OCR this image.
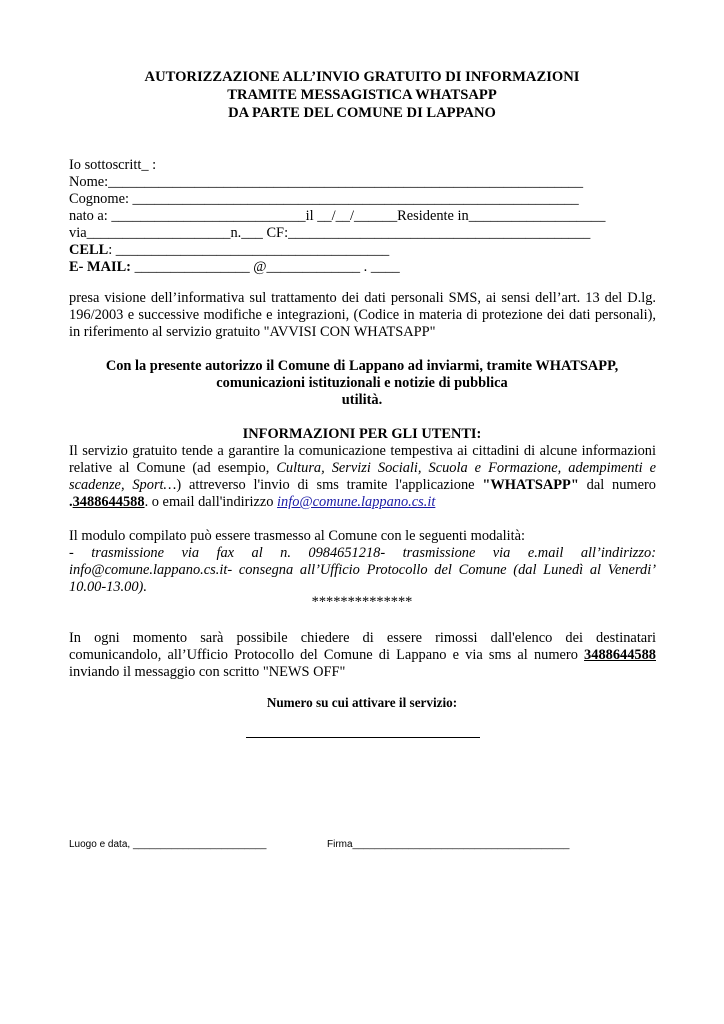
AUTORIZZAZIONE ALL’INVIO GRATUITO DI INFORMAZIONI
TRAMITE MESSAGISTICA WHATSAPP
DA PARTE DEL COMUNE DI LAPPANO
Io sottoscritt_ :
Nome:__________________________________________________________________
Cognome: ______________________________________________________________
nato a: ___________________________il __/__/______Residente in___________________
via____________________n.___ CF:__________________________________________
CELL: ______________________________________
E- MAIL: ________________ @_____________ . ____
presa visione dell’informativa sul trattamento dei dati personali SMS, ai sensi dell’art. 13 del D.lg.
196/2003 e successive modifiche e integrazioni, (Codice in materia di protezione dei dati personali),
in riferimento al servizio gratuito "AVVISI CON WHATSAPP"
Con la presente autorizzo il Comune di Lappano ad inviarmi, tramite WHATSAPP,
comunicazioni istituzionali e notizie di pubblica
utilità.
INFORMAZIONI PER GLI UTENTI:
Il servizio gratuito tende a garantire la comunicazione tempestiva ai cittadini di alcune informazioni
relative al Comune (ad esempio, Cultura, Servizi Sociali, Scuola e Formazione, adempimenti e
scadenze, Sport…) attreverso l'invio di sms tramite l'applicazione "WHATSAPP" dal numero
.3488644588. o email dall'indirizzo info@comune.lappano.cs.it
Il modulo compilato può essere trasmesso al Comune con le seguenti modalità:
- trasmissione via fax al n. 0984651218- trasmissione via e.mail all’indirizzo:
info@comune.lappano.cs.it- consegna all’Ufficio Protocollo del Comune (dal Lunedì al Venerdi’
10.00-13.00).
**************
In ogni momento sarà possibile chiedere di essere rimossi dall'elenco dei destinatari
comunicandolo, all’Ufficio Protocollo del Comune di Lappano e via sms al numero 3488644588
inviando il messaggio con scritto "NEWS OFF"
Numero su cui attivare il servizio:
Luogo e data, ________________________	Firma_______________________________________
